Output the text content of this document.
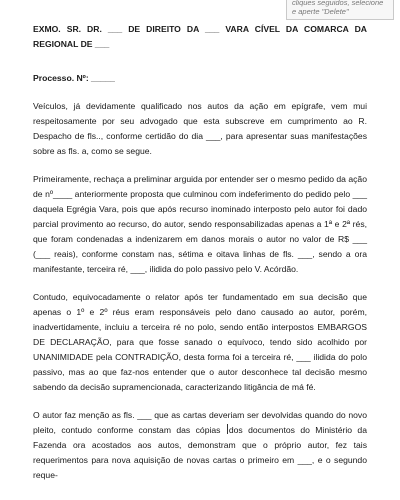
cliques seguidos, selecione e aperte "Delete"

EXMO. SR. DR. ___ DE DIREITO DA ___ VARA CÍVEL DA COMARCA DA REGIONAL DE ___

Processo. Nº: _____

Veículos, já devidamente qualificado nos autos da ação em epígrafe, vem mui respeitosamente por seu advogado que esta subscreve em cumprimento ao R. Despacho de fls.., conforme certidão do dia ___, para apresentar suas manifestações sobre as fls. a, como se segue.

Primeiramente, rechaça a preliminar arguida por entender ser o mesmo pedido da ação de nº____ anteriormente proposta que culminou com indeferimento do pedido pelo ___ daquela Egrégia Vara, pois que após recurso inominado interposto pelo autor foi dado parcial provimento ao recurso, do autor, sendo responsabilizadas apenas a 1ª e 2ª rés, que foram condenadas a indenizarem em danos morais o autor no valor de R$ ___ (___ reais), conforme constam nas, sétima e oitava linhas de fls. ___, sendo a ora manifestante, terceira ré, ___, ilidida do polo passivo pelo V. Acórdão.

Contudo, equivocadamente o relator após ter fundamentado em sua decisão que apenas o 1º e 2º réus eram responsáveis pelo dano causado ao autor, porém, inadvertidamente, incluiu a terceira ré no polo, sendo então interpostos EMBARGOS DE DECLARAÇÃO, para que fosse sanado o equívoco, tendo sido acolhido por UNANIMIDADE pela CONTRADIÇÃO, desta forma foi a terceira ré, ___ ilidida do polo passivo, mas ao que faz-nos entender que o autor desconhece tal decisão mesmo sabendo da decisão supramencionada, caracterizando litigância de má fé.

O autor faz menção as fls. ___ que as cartas deveriam ser devolvidas quando do novo pleito, contudo conforme constam das cópias dos documentos do Ministério da Fazenda ora acostados aos autos, demonstram que o próprio autor, fez tais requerimentos para nova aquisição de novas cartas o primeiro em ___, e o segundo reque-
